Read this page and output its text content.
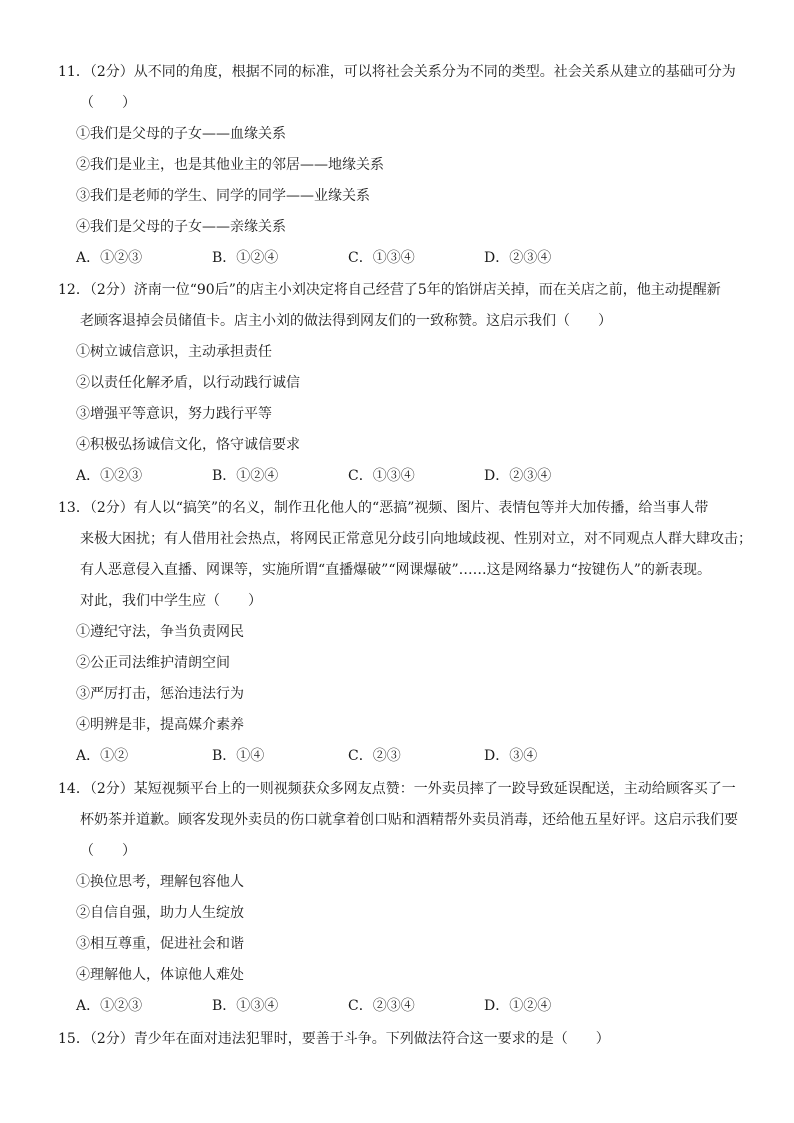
11．（2分）从不同的角度，根据不同的标准，可以将社会关系分为不同的类型。社会关系从建立的基础可分为
（　　）

①我们是父母的子女——血缘关系
②我们是业主，也是其他业主的邻居——地缘关系
③我们是老师的学生、同学的同学——业缘关系
④我们是父母的子女——亲缘关系
A．①②③	B．①②④	C．①③④	D．②③④

12．（2分）济南一位“90后”的店主小刘决定将自己经营了5年的馅饼店关掉，而在关店之前，他主动提醒新
老顾客退掉会员储值卡。店主小刘的做法得到网友们的一致称赞。这启示我们（　　）

①树立诚信意识，主动承担责任
②以责任化解矛盾，以行动践行诚信
③增强平等意识，努力践行平等
④积极弘扬诚信文化，恪守诚信要求
A．①②③	B．①②④	C．①③④	D．②③④

13．（2分）有人以“搞笑”的名义，制作丑化他人的“恶搞”视频、图片、表情包等并大加传播，给当事人带
来极大困扰；有人借用社会热点，将网民正常意见分歧引向地域歧视、性别对立，对不同观点人群大肆攻击；
有人恶意侵入直播、网课等，实施所谓“直播爆破”“网课爆破”……这是网络暴力“按键伤人”的新表现。
对此，我们中学生应（　　）

①遵纪守法，争当负责网民
②公正司法维护清朗空间
③严厉打击，惩治违法行为
④明辨是非，提高媒介素养
A．①②	B．①④	C．②③	D．③④

14．（2分）某短视频平台上的一则视频获众多网友点赞：一外卖员摔了一跤导致延误配送，主动给顾客买了一
杯奶茶并道歉。顾客发现外卖员的伤口就拿着创口贴和酒精帮外卖员消毒，还给他五星好评。这启示我们要
（　　）

①换位思考，理解包容他人
②自信自强，助力人生绽放
③相互尊重，促进社会和谐
④理解他人，体谅他人难处
A．①②③	B．①③④	C．②③④	D．①②④

15．（2分）青少年在面对违法犯罪时，要善于斗争。下列做法符合这一要求的是（　　）
